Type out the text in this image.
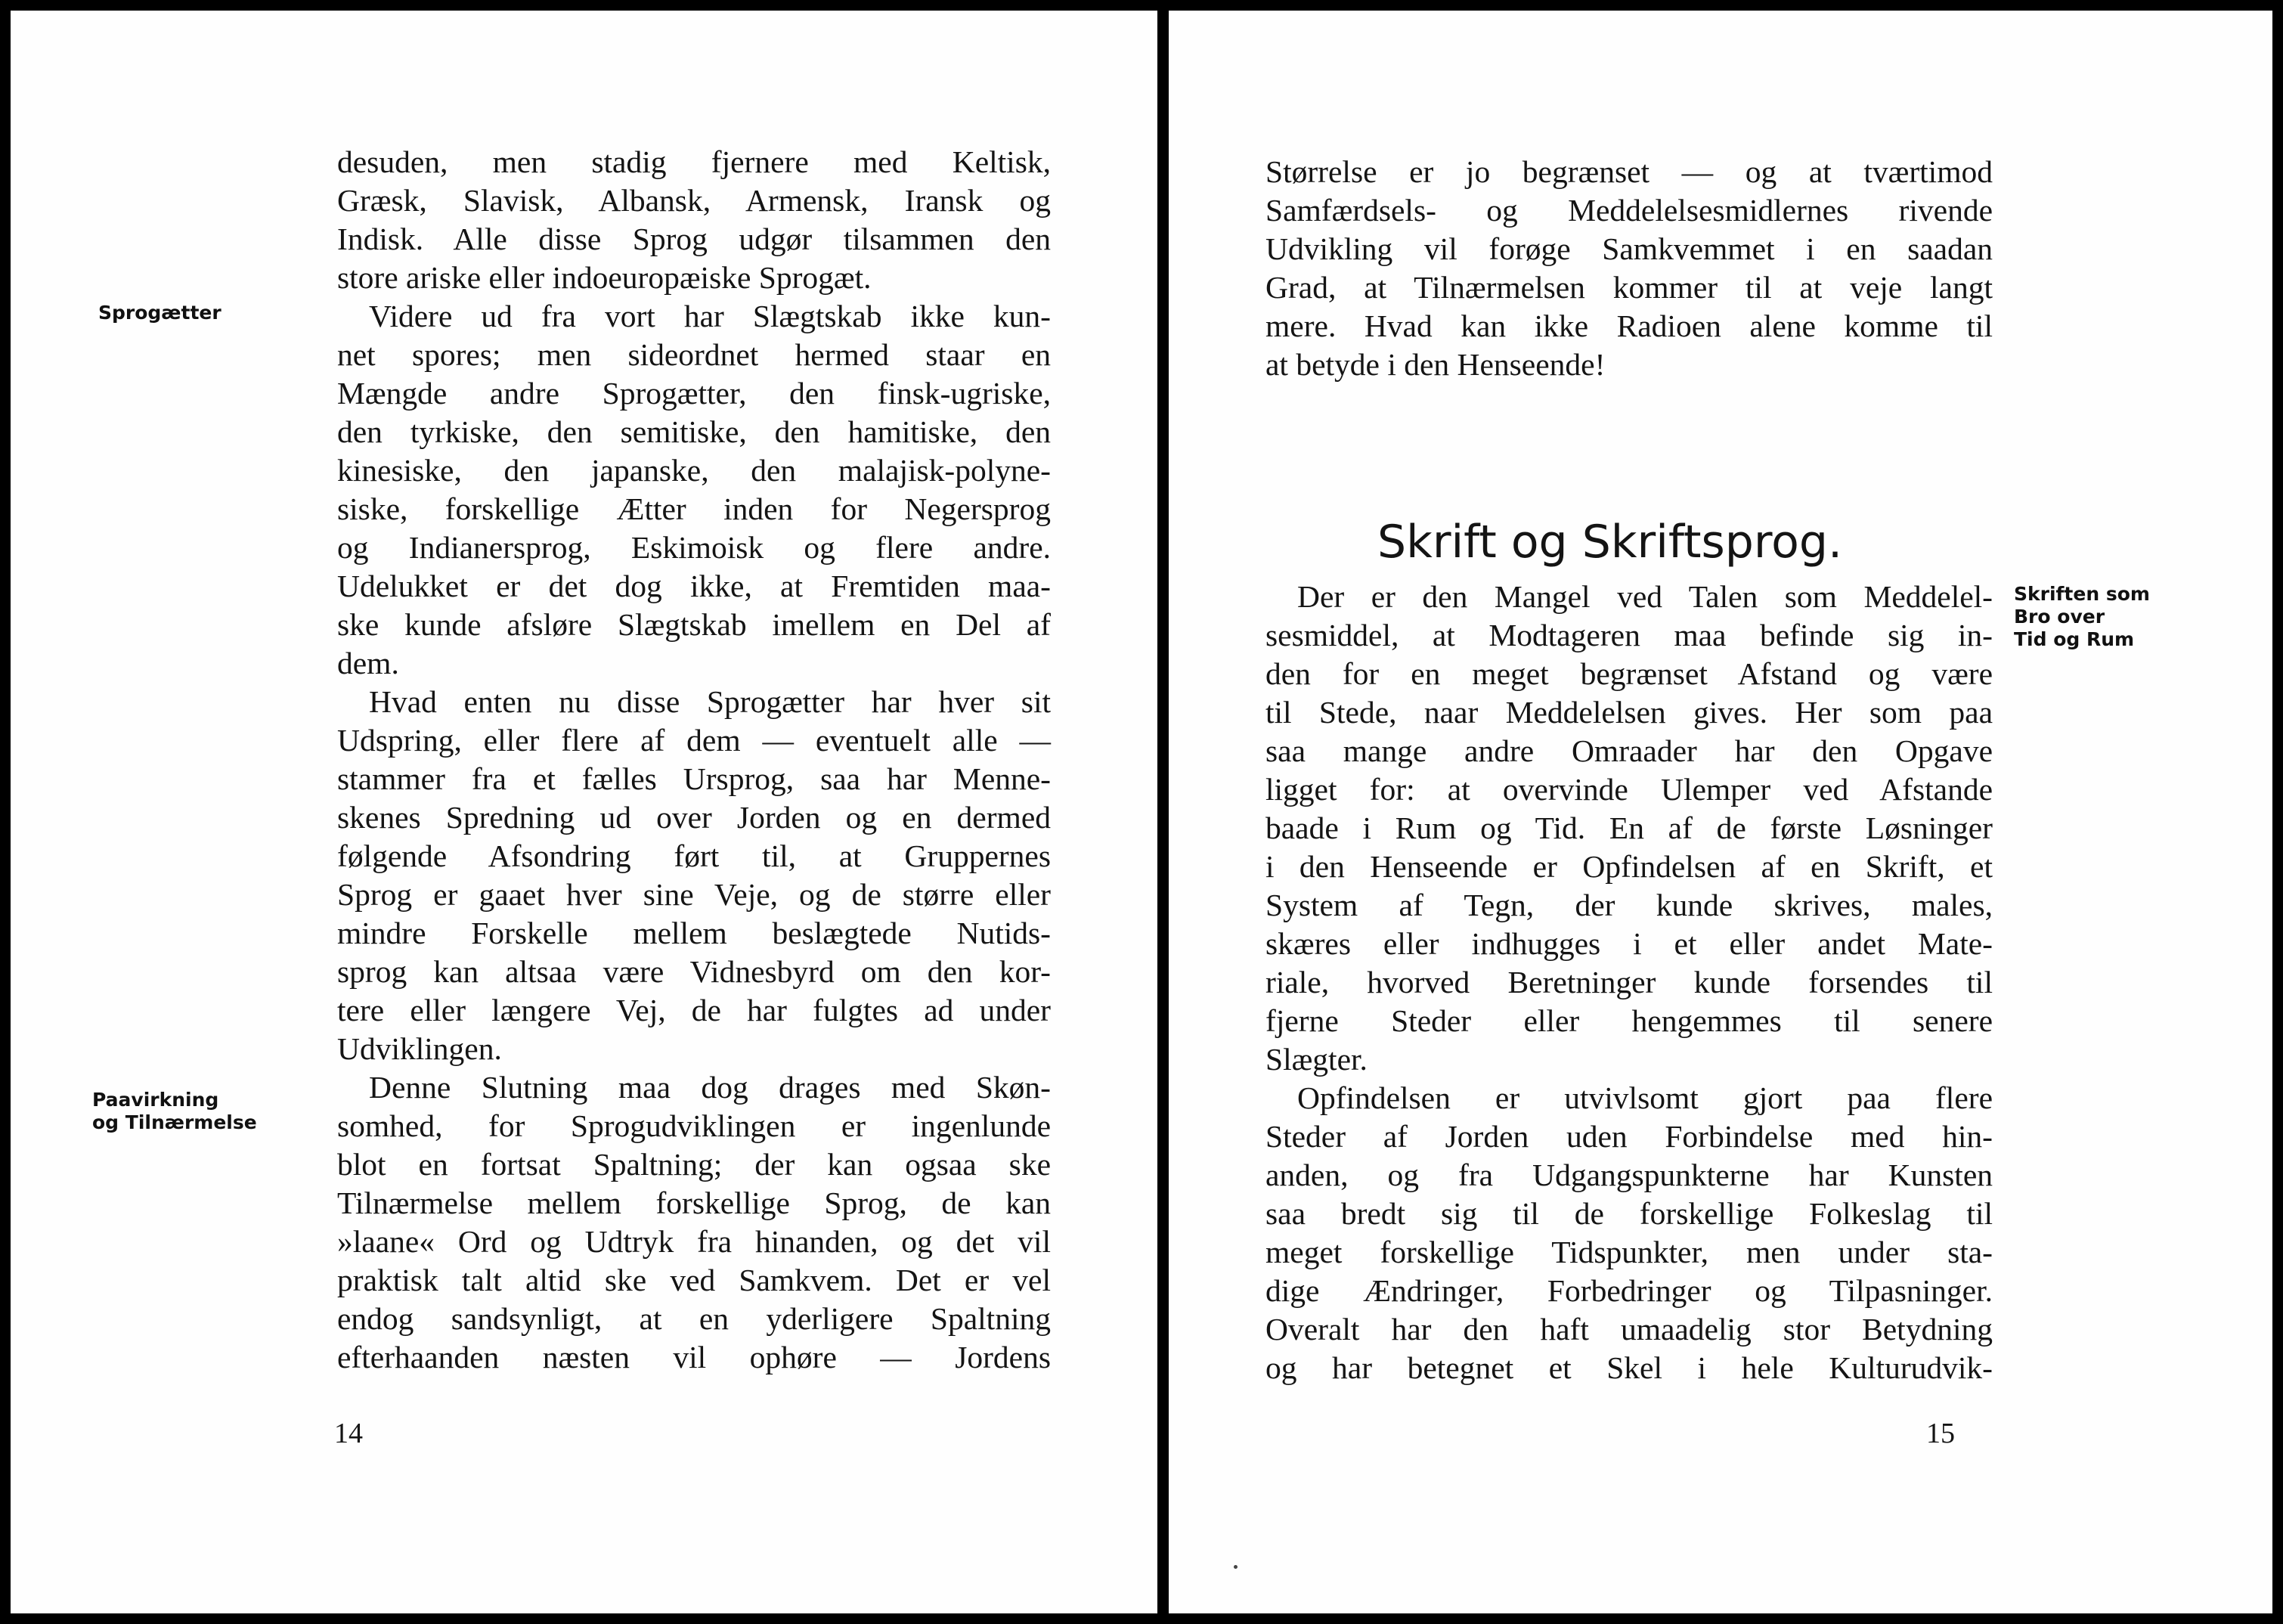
Sprogætter
Paavirkning
og Tilnærmelse
desuden, men stadig fjernere med Keltisk,
Græsk, Slavisk, Albansk, Armensk, Iransk og
Indisk. Alle disse Sprog udgør tilsammen den
store ariske eller indoeuropæiske Sprogæt.
Videre ud fra vort har Slægtskab ikke kun-
net spores; men sideordnet hermed staar en
Mængde andre Sprogætter, den finsk-ugriske,
den tyrkiske, den semitiske, den hamitiske, den
kinesiske, den japanske, den malajisk-polyne-
siske, forskellige Ætter inden for Negersprog
og Indianersprog, Eskimoisk og flere andre.
Udelukket er det dog ikke, at Fremtiden maa-
ske kunde afsløre Slægtskab imellem en Del af
dem.
Hvad enten nu disse Sprogætter har hver sit
Udspring, eller flere af dem — eventuelt alle —
stammer fra et fælles Ursprog, saa har Menne-
skenes Spredning ud over Jorden og en dermed
følgende Afsondring ført til, at Gruppernes
Sprog er gaaet hver sine Veje, og de større eller
mindre Forskelle mellem beslægtede Nutids-
sprog kan altsaa være Vidnesbyrd om den kor-
tere eller længere Vej, de har fulgtes ad under
Udviklingen.
Denne Slutning maa dog drages med Skøn-
somhed, for Sprogudviklingen er ingenlunde
blot en fortsat Spaltning; der kan ogsaa ske
Tilnærmelse mellem forskellige Sprog, de kan
»laane« Ord og Udtryk fra hinanden, og det vil
praktisk talt altid ske ved Samkvem. Det er vel
endog sandsynligt, at en yderligere Spaltning
efterhaanden næsten vil ophøre — Jordens
14
Størrelse er jo begrænset — og at tværtimod
Samfærdsels- og Meddelelsesmidlernes rivende
Udvikling vil forøge Samkvemmet i en saadan
Grad, at Tilnærmelsen kommer til at veje langt
mere. Hvad kan ikke Radioen alene komme til
at betyde i den Henseende!
Skrift og Skriftsprog.
Skriften som
Bro over
Tid og Rum
Der er den Mangel ved Talen som Meddelel-
sesmiddel, at Modtageren maa befinde sig in-
den for en meget begrænset Afstand og være
til Stede, naar Meddelelsen gives. Her som paa
saa mange andre Omraader har den Opgave
ligget for: at overvinde Ulemper ved Afstande
baade i Rum og Tid. En af de første Løsninger
i den Henseende er Opfindelsen af en Skrift, et
System af Tegn, der kunde skrives, males,
skæres eller indhugges i et eller andet Mate-
riale, hvorved Beretninger kunde forsendes til
fjerne Steder eller hengemmes til senere
Slægter.
Opfindelsen er utvivlsomt gjort paa flere
Steder af Jorden uden Forbindelse med hin-
anden, og fra Udgangspunkterne har Kunsten
saa bredt sig til de forskellige Folkeslag til
meget forskellige Tidspunkter, men under sta-
dige Ændringer, Forbedringer og Tilpasninger.
Overalt har den haft umaadelig stor Betydning
og har betegnet et Skel i hele Kulturudvik-
15
